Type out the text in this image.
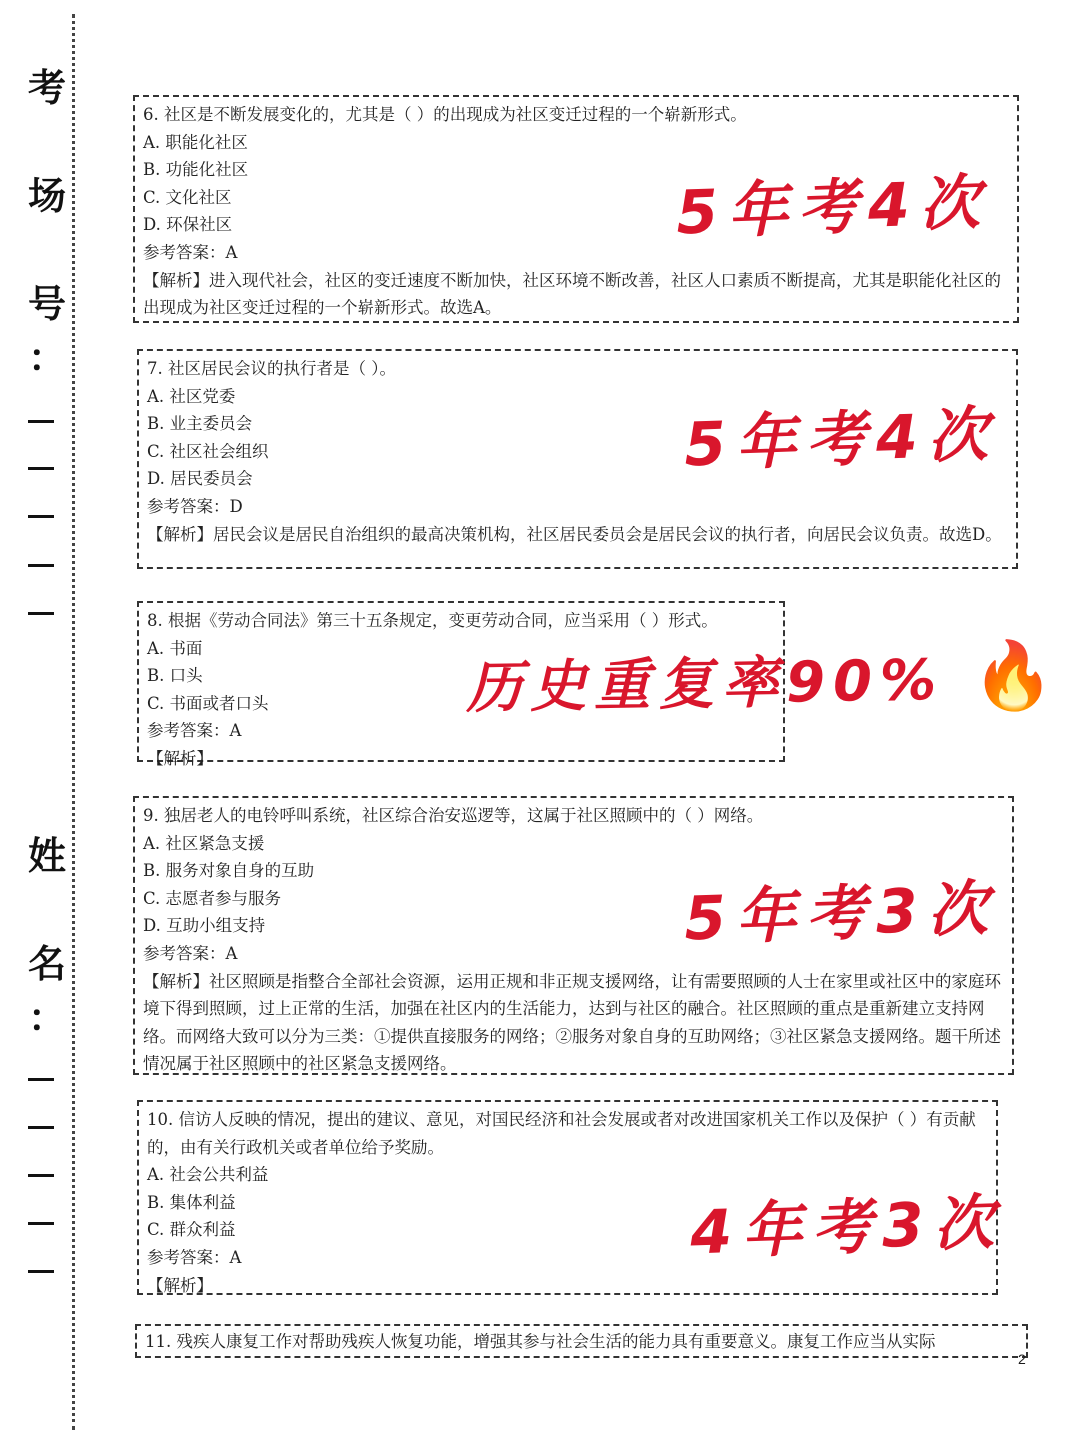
考
场
号
：
姓
名
：
6. 社区是不断发展变化的，尤其是（ ）的出现成为社区变迁过程的一个崭新形式。
A. 职能化社区
B. 功能化社区
C. 文化社区
D. 环保社区
参考答案：A
【解析】进入现代社会，社区的变迁速度不断加快，社区环境不断改善，社区人口素质不断提高，尤其是职能化社区的出现成为社区变迁过程的一个崭新形式。故选A。
5年考4次
7. 社区居民会议的执行者是（ ）。
A. 社区党委
B. 业主委员会
C. 社区社会组织
D. 居民委员会
参考答案：D
【解析】居民会议是居民自治组织的最高决策机构，社区居民委员会是居民会议的执行者，向居民会议负责。故选D。
5年考4次
8. 根据《劳动合同法》第三十五条规定，变更劳动合同，应当采用（ ）形式。
A. 书面
B. 口头
C. 书面或者口头
参考答案：A
【解析】
历史重复率90% 🔥
9. 独居老人的电铃呼叫系统，社区综合治安巡逻等，这属于社区照顾中的（ ）网络。
A. 社区紧急支援
B. 服务对象自身的互助
C. 志愿者参与服务
D. 互助小组支持
参考答案：A
【解析】社区照顾是指整合全部社会资源，运用正规和非正规支援网络，让有需要照顾的人士在家里或社区中的家庭环境下得到照顾，过上正常的生活，加强在社区内的生活能力，达到与社区的融合。社区照顾的重点是重新建立支持网络。而网络大致可以分为三类：①提供直接服务的网络；②服务对象自身的互助网络；③社区紧急支援网络。题干所述情况属于社区照顾中的社区紧急支援网络。
5年考3次
10. 信访人反映的情况，提出的建议、意见，对国民经济和社会发展或者对改进国家机关工作以及保护（ ）有贡献的，由有关行政机关或者单位给予奖励。
A. 社会公共利益
B. 集体利益
C. 群众利益
参考答案：A
【解析】
4年考3次
11. 残疾人康复工作对帮助残疾人恢复功能，增强其参与社会生活的能力具有重要意义。康复工作应当从实际
2
